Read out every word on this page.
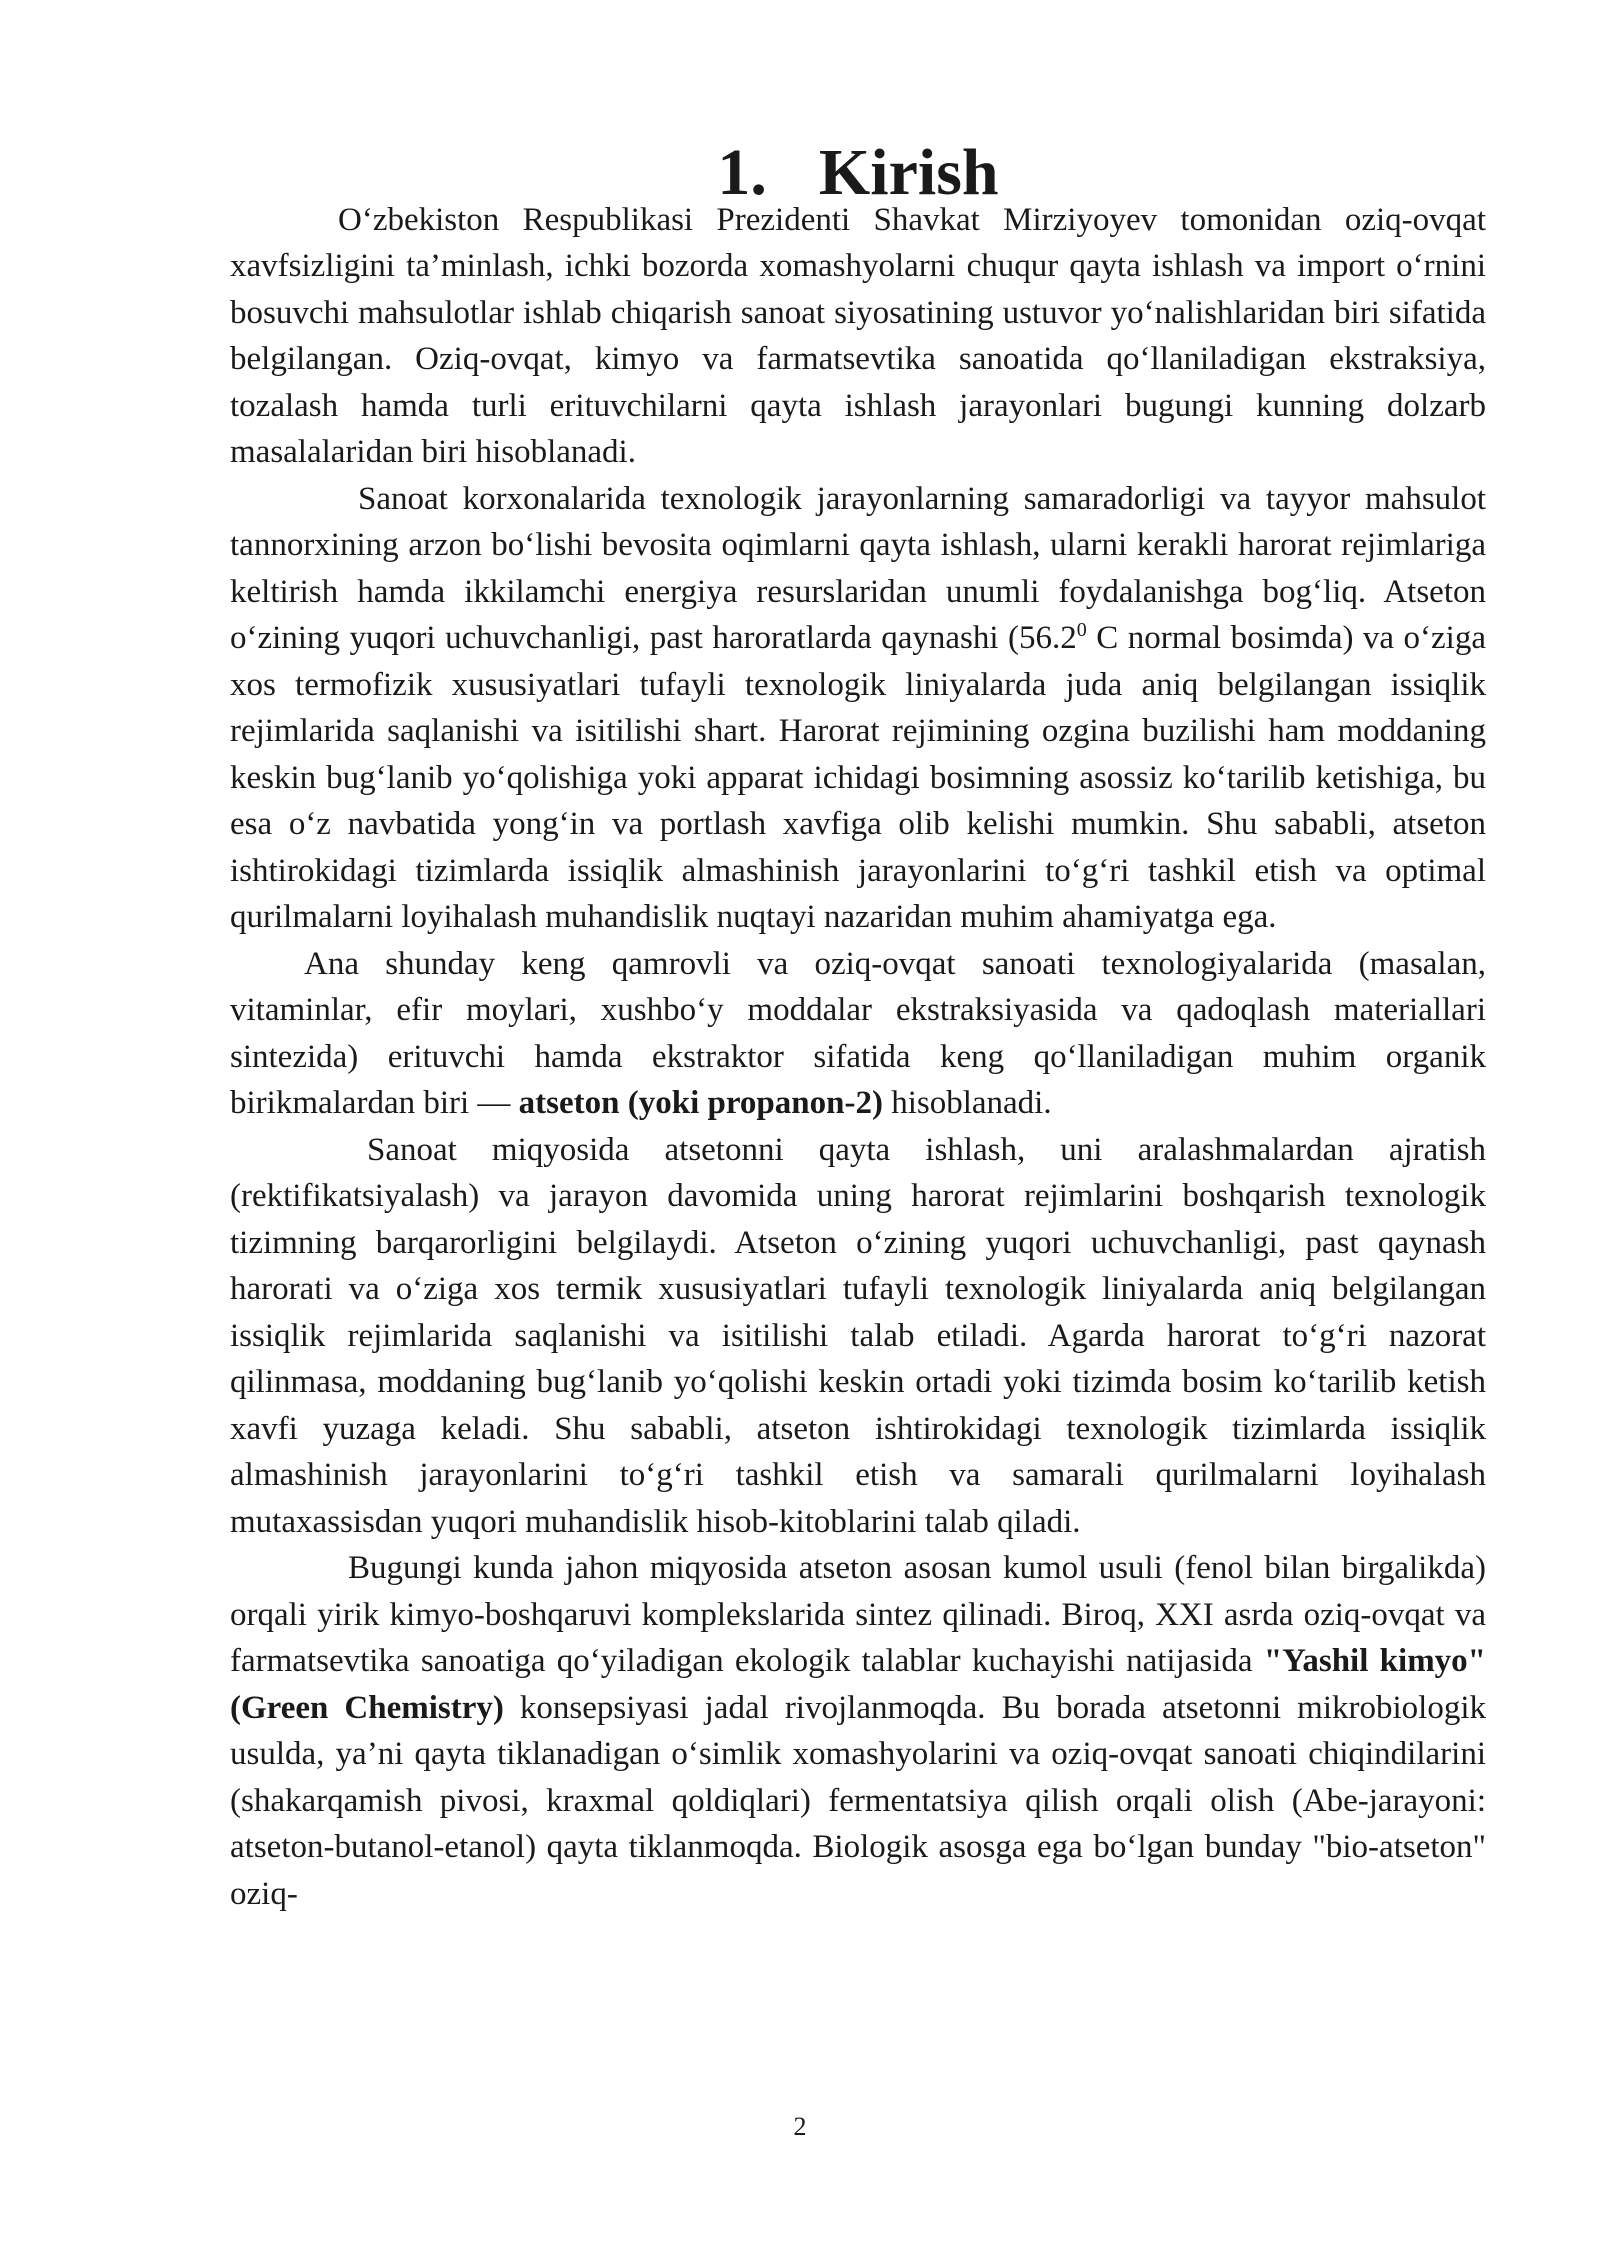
1. Kirish

O‘zbekiston Respublikasi Prezidenti Shavkat Mirziyoyev tomonidan oziq-ovqat xavfsizligini ta’minlash, ichki bozorda xomashyolarni chuqur qayta ishlash va import o‘rnini bosuvchi mahsulotlar ishlab chiqarish sanoat siyosatining ustuvor yo‘nalishlaridan biri sifatida belgilangan. Oziq-ovqat, kimyo va farmatsevtika sanoatida qo‘llaniladigan ekstraksiya, tozalash hamda turli erituvchilarni qayta ishlash jarayonlari bugungi kunning dolzarb masalalaridan biri hisoblanadi.

Sanoat korxonalarida texnologik jarayonlarning samaradorligi va tayyor mahsulot tannorxining arzon bo‘lishi bevosita oqimlarni qayta ishlash, ularni kerakli harorat rejimlariga keltirish hamda ikkilamchi energiya resurslaridan unumli foydalanishga bog‘liq. Atseton o‘zining yuqori uchuvchanligi, past haroratlarda qaynashi (56.2$^0$ C normal bosimda) va o‘ziga xos termofizik xususiyatlari tufayli texnologik liniyalarda juda aniq belgilangan issiqlik rejimlarida saqlanishi va isitilishi shart. Harorat rejimining ozgina buzilishi ham moddaning keskin bug‘lanib yo‘qolishiga yoki apparat ichidagi bosimning asossiz ko‘tarilib ketishiga, bu esa o‘z navbatida yong‘in va portlash xavfiga olib kelishi mumkin. Shu sababli, atseton ishtirokidagi tizimlarda issiqlik almashinish jarayonlarini to‘g‘ri tashkil etish va optimal qurilmalarni loyihalash muhandislik nuqtayi nazaridan muhim ahamiyatga ega.

Ana shunday keng qamrovli va oziq-ovqat sanoati texnologiyalarida (masalan, vitaminlar, efir moylari, xushbo‘y moddalar ekstraksiyasida va qadoqlash materiallari sintezida) erituvchi hamda ekstraktor sifatida keng qo‘llaniladigan muhim organik birikmalardan biri — atseton (yoki propanon-2) hisoblanadi.

Sanoat miqyosida atsetonni qayta ishlash, uni aralashmalardan ajratish (rektifikatsiyalash) va jarayon davomida uning harorat rejimlarini boshqarish texnologik tizimning barqarorligini belgilaydi. Atseton o‘zining yuqori uchuvchanligi, past qaynash harorati va o‘ziga xos termik xususiyatlari tufayli texnologik liniyalarda aniq belgilangan issiqlik rejimlarida saqlanishi va isitilishi talab etiladi. Agarda harorat to‘g‘ri nazorat qilinmasa, moddaning bug‘lanib yo‘qolishi keskin ortadi yoki tizimda bosim ko‘tarilib ketish xavfi yuzaga keladi. Shu sababli, atseton ishtirokidagi texnologik tizimlarda issiqlik almashinish jarayonlarini to‘g‘ri tashkil etish va samarali qurilmalarni loyihalash mutaxassisdan yuqori muhandislik hisob-kitoblarini talab qiladi.

Bugungi kunda jahon miqyosida atseton asosan kumol usuli (fenol bilan birgalikda) orqali yirik kimyo-boshqaruvi komplekslarida sintez qilinadi. Biroq, XXI asrda oziq-ovqat va farmatsevtika sanoatiga qo‘yiladigan ekologik talablar kuchayishi natijasida "Yashil kimyo" (Green Chemistry) konsepsiyasi jadal rivojlanmoqda. Bu borada atsetonni mikrobiologik usulda, ya’ni qayta tiklanadigan o‘simlik xomashyolarini va oziq-ovqat sanoati chiqindilarini (shakarqamish pivosi, kraxmal qoldiqlari) fermentatsiya qilish orqali olish (Abe-jarayoni: atseton-butanol-etanol) qayta tiklanmoqda. Biologik asosga ega bo‘lgan bunday "bio-atseton" oziq-

2
